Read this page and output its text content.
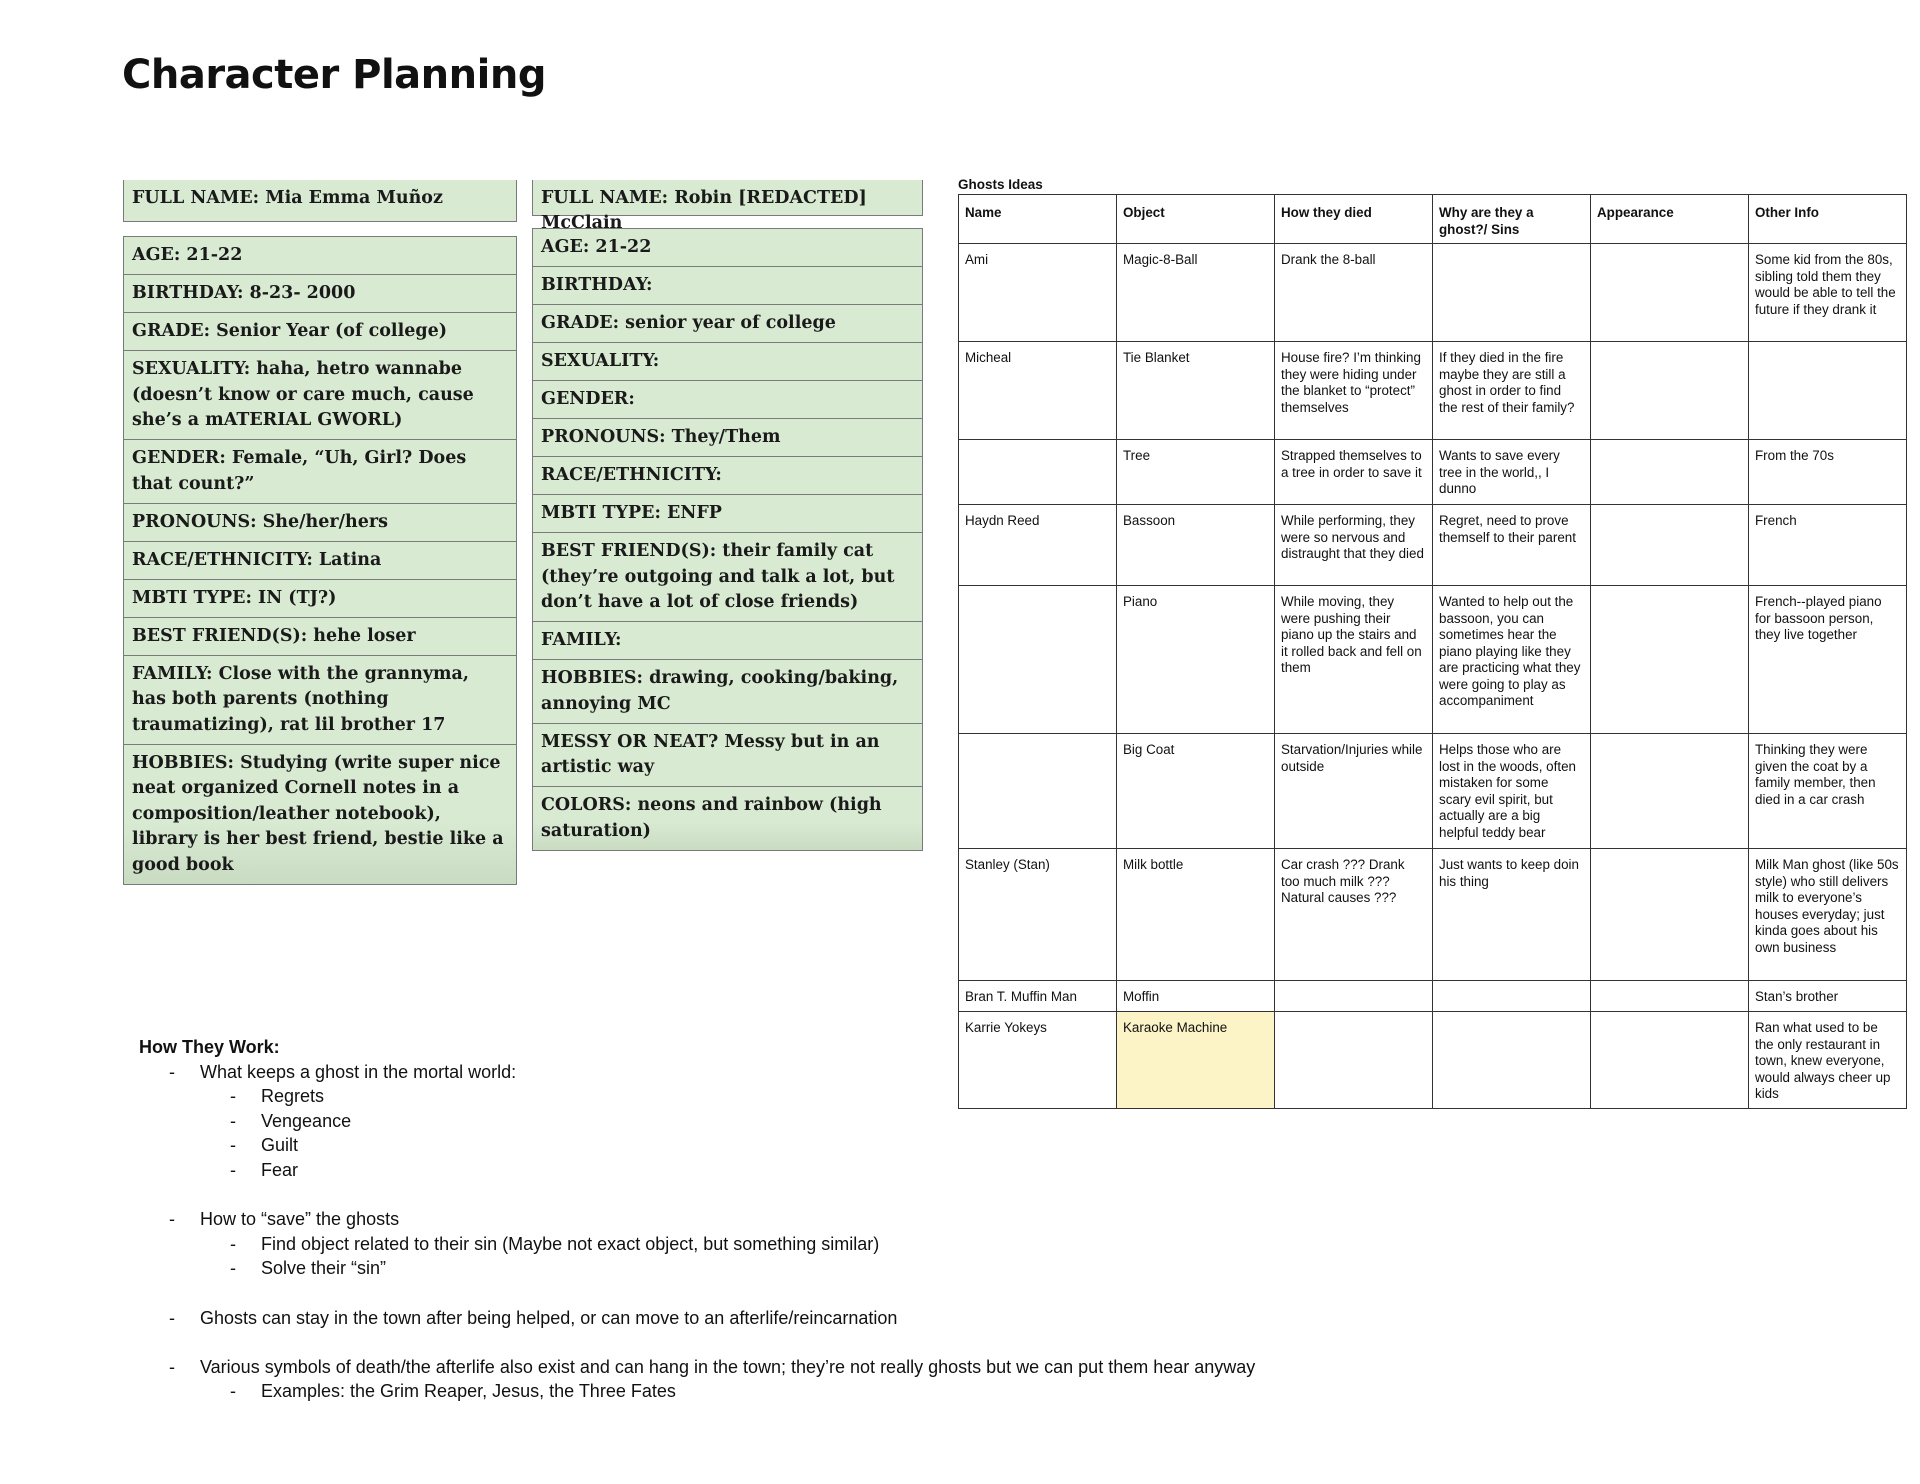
Character Planning
FULL NAME: Mia Emma Muñoz
AGE: 21-22
BIRTHDAY: 8-23- 2000
GRADE: Senior Year (of college)
SEXUALITY: haha, hetro wannabe (doesn’t know or care much, cause she’s a mATERIAL GWORL)
GENDER: Female, “Uh, Girl? Does that count?”
PRONOUNS: She/her/hers
RACE/ETHNICITY: Latina
MBTI TYPE: IN (TJ?)
BEST FRIEND(S): hehe loser
FAMILY: Close with the grannyma, has both parents (nothing traumatizing), rat lil brother 17
HOBBIES: Studying (write super nice neat organized Cornell notes in a composition/leather notebook), library is her best friend, bestie like a good book
FULL NAME: Robin [REDACTED] McClain
AGE: 21-22
BIRTHDAY:
GRADE: senior year of college
SEXUALITY:
GENDER:
PRONOUNS: They/Them
RACE/ETHNICITY:
MBTI TYPE: ENFP
BEST FRIEND(S): their family cat (they’re outgoing and talk a lot, but don’t have a lot of close friends)
FAMILY:
HOBBIES: drawing, cooking/baking, annoying MC
MESSY OR NEAT? Messy but in an artistic way
COLORS: neons and rainbow (high saturation)
Ghosts Ideas
Name	Object	How they died	Why are they a ghost?/ Sins	Appearance	Other Info
Ami	Magic-8-Ball	Drank the 8-ball			Some kid from the 80s, sibling told them they would be able to tell the future if they drank it
Micheal	Tie Blanket	House fire? I’m thinking they were hiding under the blanket to “protect” themselves	If they died in the fire maybe they are still a ghost in order to find the rest of their family?		
	Tree	Strapped themselves to a tree in order to save it	Wants to save every tree in the world,, I dunno		From the 70s
Haydn Reed	Bassoon	While performing, they were so nervous and distraught that they died	Regret, need to prove themself to their parent		French
	Piano	While moving, they were pushing their piano up the stairs and it rolled back and fell on them	Wanted to help out the bassoon, you can sometimes hear the piano playing like they are practicing what they were going to play as accompaniment		French--played piano for bassoon person, they live together
	Big Coat	Starvation/Injuries while outside	Helps those who are lost in the woods, often mistaken for some scary evil spirit, but actually are a big helpful teddy bear		Thinking they were given the coat by a family member, then died in a car crash
Stanley (Stan)	Milk bottle	Car crash ??? Drank too much milk ??? Natural causes ???	Just wants to keep doin his thing		Milk Man ghost (like 50s style) who still delivers milk to everyone’s houses everyday; just kinda goes about his own business
Bran T. Muffin Man	Moffin				Stan’s brother
Karrie Yokeys	Karaoke Machine				Ran what used to be the only restaurant in town, knew everyone, would always cheer up kids
How They Work:
- What keeps a ghost in the mortal world:
- Regrets
- Vengeance
- Guilt
- Fear
- How to “save” the ghosts
- Find object related to their sin (Maybe not exact object, but something similar)
- Solve their “sin”
- Ghosts can stay in the town after being helped, or can move to an afterlife/reincarnation
- Various symbols of death/the afterlife also exist and can hang in the town; they’re not really ghosts but we can put them hear anyway
- Examples: the Grim Reaper, Jesus, the Three Fates
